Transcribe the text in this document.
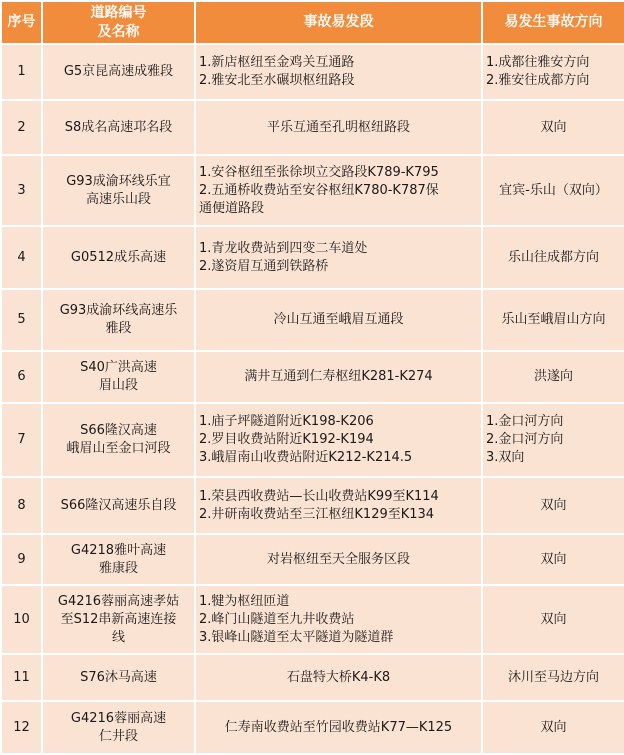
序号	道路编号
及名称	事故易发段	易发生事故方向

1	G5京昆高速成雅段	1.新店枢纽至金鸡关互通路
2.雅安北至水碾坝枢纽路段	1.成都往雅安方向
2.雅安往成都方向

2	S8成名高速邛名段	平乐互通至孔明枢纽路段	双向

3	G93成渝环线乐宜
高速乐山段	1.安谷枢纽至张徐坝立交路段K789-K795
2.五通桥收费站至安谷枢纽K780-K787保
通便道路段	宜宾-乐山（双向）

4	G0512成乐高速	1.青龙收费站到四变二车道处
2.遂资眉互通到铁路桥	乐山往成都方向

5	G93成渝环线高速乐
雅段	冷山互通至峨眉互通段	乐山至峨眉山方向

6	S40广洪高速
眉山段	满井互通到仁寿枢纽K281-K274	洪遂向

7	S66隆汉高速
峨眉山至金口河段	1.庙子坪隧道附近K198-K206
2.罗目收费站附近K192-K194
3.峨眉南山收费站附近K212-K214.5	1.金口河方向
2.金口河方向
3.双向

8	S66隆汉高速乐自段	1.荣县西收费站—长山收费站K99至K114
2.井研南收费站至三江枢纽K129至K134	双向

9	G4218雅叶高速
雅康段	对岩枢纽至天全服务区段	双向

10	G4216蓉丽高速孝姑
至S12串新高速连接
线	1.犍为枢纽匝道
2.峰门山隧道至九井收费站
3.银峰山隧道至太平隧道为隧道群	双向

11	S76沐马高速	石盘特大桥K4-K8	沐川至马边方向

12	G4216蓉丽高速
仁井段	仁寿南收费站至竹园收费站K77—K125	双向
